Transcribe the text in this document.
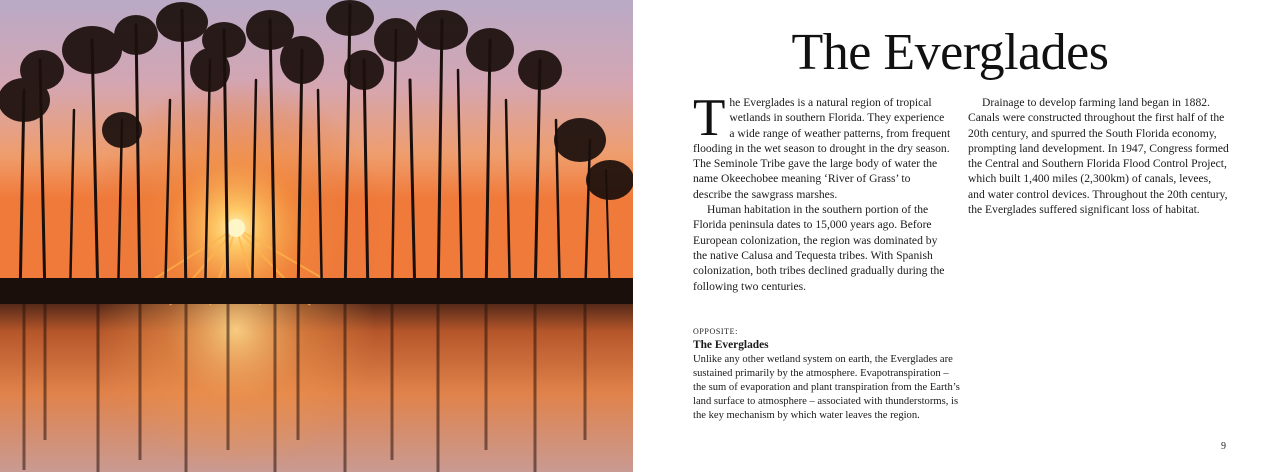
The Everglades

The Everglades is a natural region of tropical wetlands in southern Florida. They experience a wide range of weather patterns, from frequent flooding in the wet season to drought in the dry season. The Seminole Tribe gave the large body of water the name Okeechobee meaning ‘River of Grass’ to describe the sawgrass marshes.

Human habitation in the southern portion of the Florida peninsula dates to 15,000 years ago. Before European colonization, the region was dominated by the native Calusa and Tequesta tribes. With Spanish colonization, both tribes declined gradually during the following two centuries.

Drainage to develop farming land began in 1882. Canals were constructed throughout the first half of the 20th century, and spurred the South Florida economy, prompting land development. In 1947, Congress formed the Central and Southern Florida Flood Control Project, which built 1,400 miles (2,300km) of canals, levees, and water control devices. Throughout the 20th century, the Everglades suffered significant loss of habitat.

OPPOSITE:
The Everglades

Unlike any other wetland system on earth, the Everglades are sustained primarily by the atmosphere. Evapotranspiration – the sum of evaporation and plant transpiration from the Earth’s land surface to atmosphere – associated with thunderstorms, is the key mechanism by which water leaves the region.

9
